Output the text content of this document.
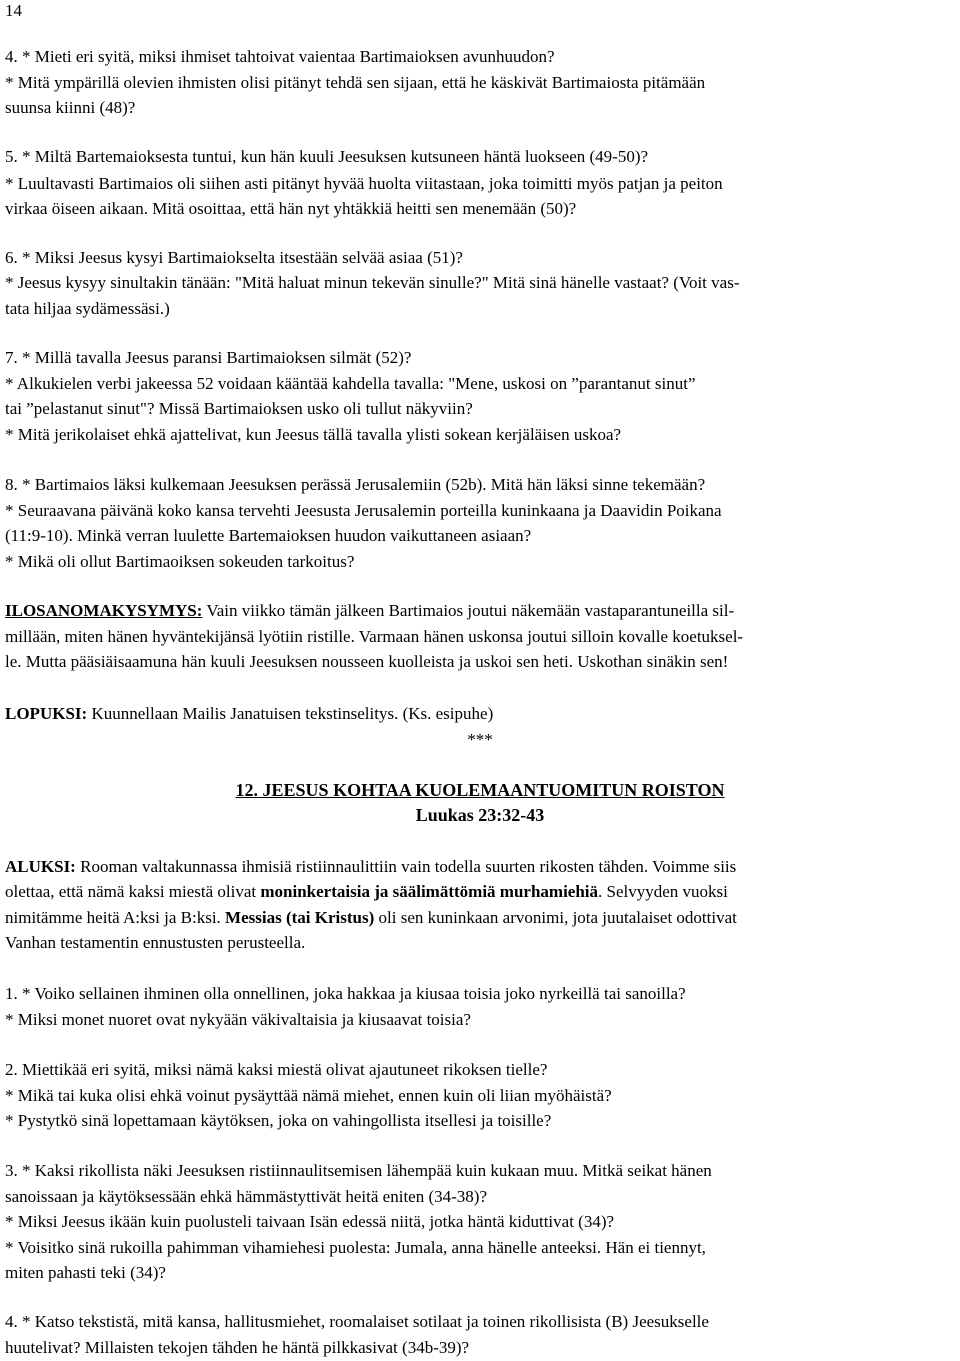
14
4. * Mieti eri syitä, miksi ihmiset tahtoivat vaientaa Bartimaioksen avunhuudon?
* Mitä ympärillä olevien ihmisten olisi pitänyt tehdä sen sijaan, että he käskivät Bartimaiosta pitämään
suunsa kiinni (48)?
5. * Miltä Bartemaioksesta tuntui, kun hän kuuli Jeesuksen kutsuneen häntä luokseen (49-50)?
* Luultavasti Bartimaios oli siihen asti pitänyt hyvää huolta viitastaan, joka toimitti myös patjan ja peiton
virkaa öiseen aikaan. Mitä osoittaa, että hän nyt yhtäkkiä heitti sen menemään (50)?
6. * Miksi Jeesus kysyi Bartimaiokselta itsestään selvää asiaa (51)?
* Jeesus kysyy sinultakin tänään: "Mitä haluat minun tekevän sinulle?" Mitä sinä hänelle vastaat? (Voit vas-
tata hiljaa sydämessäsi.)
7. * Millä tavalla Jeesus paransi Bartimaioksen silmät (52)?
* Alkukielen verbi jakeessa 52 voidaan kääntää kahdella tavalla: "Mene, uskosi on ”parantanut sinut”
tai ”pelastanut sinut"? Missä Bartimaioksen usko oli tullut näkyviin?
* Mitä jerikolaiset ehkä ajattelivat, kun Jeesus tällä tavalla ylisti sokean kerjäläisen uskoa?
8. * Bartimaios läksi kulkemaan Jeesuksen perässä Jerusalemiin (52b). Mitä hän läksi sinne tekemään?
* Seuraavana päivänä koko kansa tervehti Jeesusta Jerusalemin porteilla kuninkaana ja Daavidin Poikana
(11:9-10). Minkä verran luulette Bartemaioksen huudon vaikuttaneen asiaan?
* Mikä oli ollut Bartimaoiksen sokeuden tarkoitus?
ILOSANOMAKYSYMYS: Vain viikko tämän jälkeen Bartimaios joutui näkemään vastaparantuneilla sil-
millään, miten hänen hyväntekijänsä lyötiin ristille. Varmaan hänen uskonsa joutui silloin kovalle koetuksel-
le. Mutta pääsiäisaamuna hän kuuli Jeesuksen nousseen kuolleista ja uskoi sen heti. Uskothan sinäkin sen!
LOPUKSI: Kuunnellaan Mailis Janatuisen tekstinselitys. (Ks. esipuhe)
***
12. JEESUS KOHTAA KUOLEMAANTUOMITUN ROISTON
Luukas 23:32-43
ALUKSI: Rooman valtakunnassa ihmisiä ristiinnaulittiin vain todella suurten rikosten tähden. Voimme siis
olettaa, että nämä kaksi miestä olivat moninkertaisia ja säälimättömiä murhamiehiä. Selvyyden vuoksi
nimitämme heitä A:ksi ja B:ksi. Messias (tai Kristus) oli sen kuninkaan arvonimi, jota juutalaiset odottivat
Vanhan testamentin ennustusten perusteella.
1. * Voiko sellainen ihminen olla onnellinen, joka hakkaa ja kiusaa toisia joko nyrkeillä tai sanoilla?
* Miksi monet nuoret ovat nykyään väkivaltaisia ja kiusaavat toisia?
2. Miettikää eri syitä, miksi nämä kaksi miestä olivat ajautuneet rikoksen tielle?
* Mikä tai kuka olisi ehkä voinut pysäyttää nämä miehet, ennen kuin oli liian myöhäistä?
* Pystytkö sinä lopettamaan käytöksen, joka on vahingollista itsellesi ja toisille?
3. * Kaksi rikollista näki Jeesuksen ristiinnaulitsemisen lähempää kuin kukaan muu. Mitkä seikat hänen
sanoissaan ja käytöksessään ehkä hämmästyttivät heitä eniten (34-38)?
* Miksi Jeesus ikään kuin puolusteli taivaan Isän edessä niitä, jotka häntä kiduttivat (34)?
* Voisitko sinä rukoilla pahimman vihamiehesi puolesta: Jumala, anna hänelle anteeksi. Hän ei tiennyt,
miten pahasti teki (34)?
4. * Katso tekstistä, mitä kansa, hallitusmiehet, roomalaiset sotilaat ja toinen rikollisista (B) Jeesukselle
huutelivat? Millaisten tekojen tähden he häntä pilkkasivat (34b-39)?
